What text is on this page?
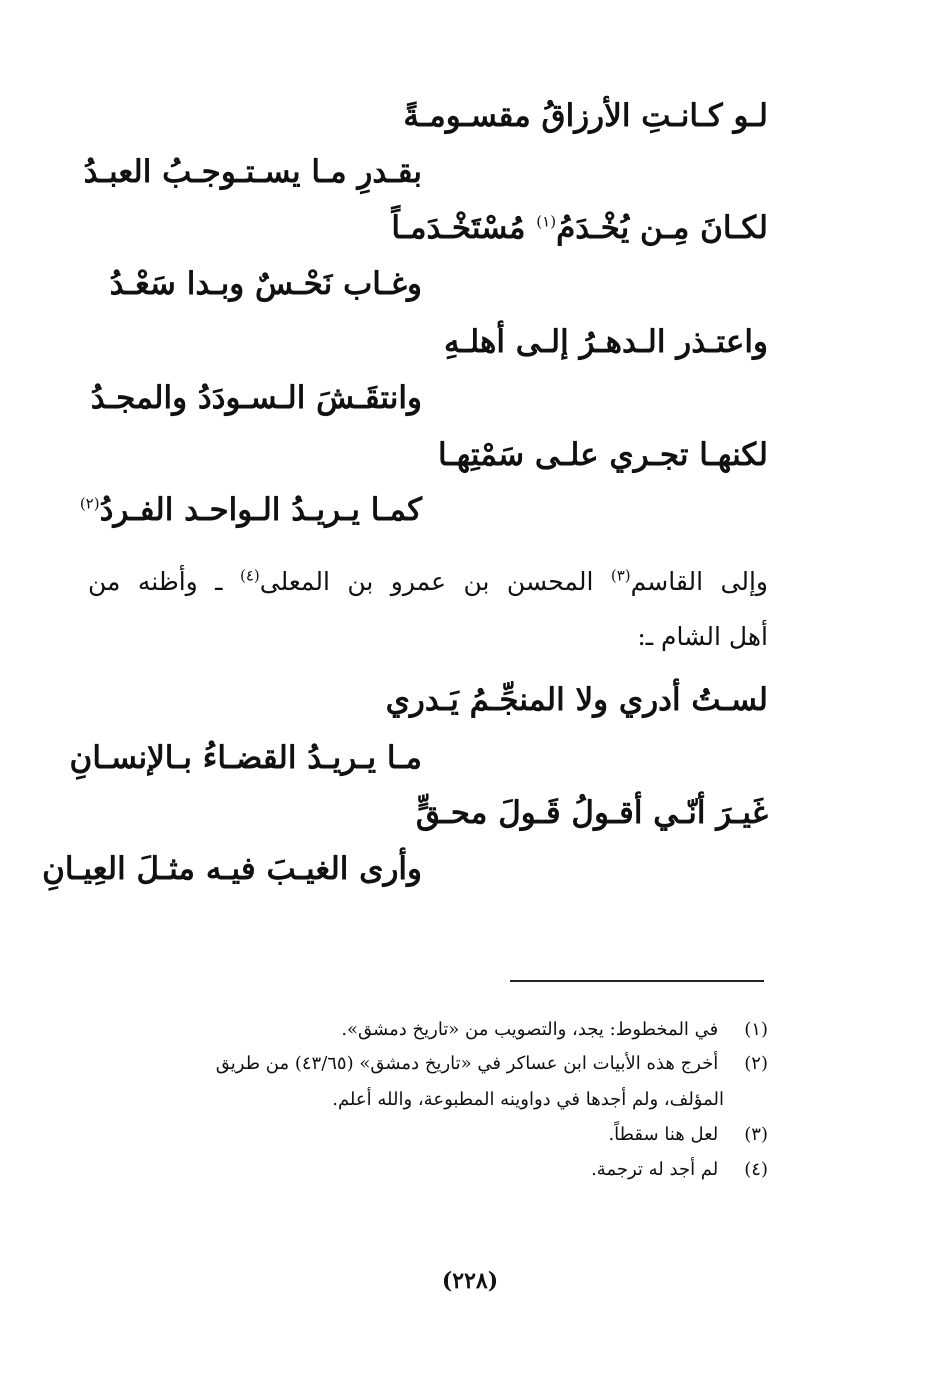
لـو كـانـتِ الأرزاقُ مقسـومـةً
بقـدرِ مـا يسـتـوجـبُ العبـدُ
لكـانَ مِـن يُخْـدَمُ$^{(١)}$ مُسْتَخْـدَمـاً
وغـاب نَحْـسٌ وبـدا سَعْـدُ
واعتـذر الـدهـرُ إلـى أهلـهِ
وانتقَـشَ الـسـودَدُ والمجـدُ
لكنهـا تجـري علـى سَمْتِهـا
كمـا يـريـدُ الـواحـد الفـردُ$^{(٢)}$
وإلى القاسم$^{(٣)}$ المحسن بن عمرو بن المعلى$^{(٤)}$ ـ وأظنه من
أهل الشام ـ:
لسـتُ أدري ولا المنجِّـمُ يَـدري
مـا يـريـدُ القضـاءُ بـالإنسـانِ
غَيـرَ أنّـي أقـولُ قَـولَ محـقٍّ
وأرى الغيـبَ فيـه مثـلَ العِيـانِ
(١) في المخطوط: يجد، والتصويب من «تاريخ دمشق».
(٢) أخرج هذه الأبيات ابن عساكر في «تاريخ دمشق» (٤٣/٦٥) من طريق
المؤلف، ولم أجدها في دواوينه المطبوعة، والله أعلم.
(٣) لعل هنا سقطاً.
(٤) لم أجد له ترجمة.
(٢٢٨)
